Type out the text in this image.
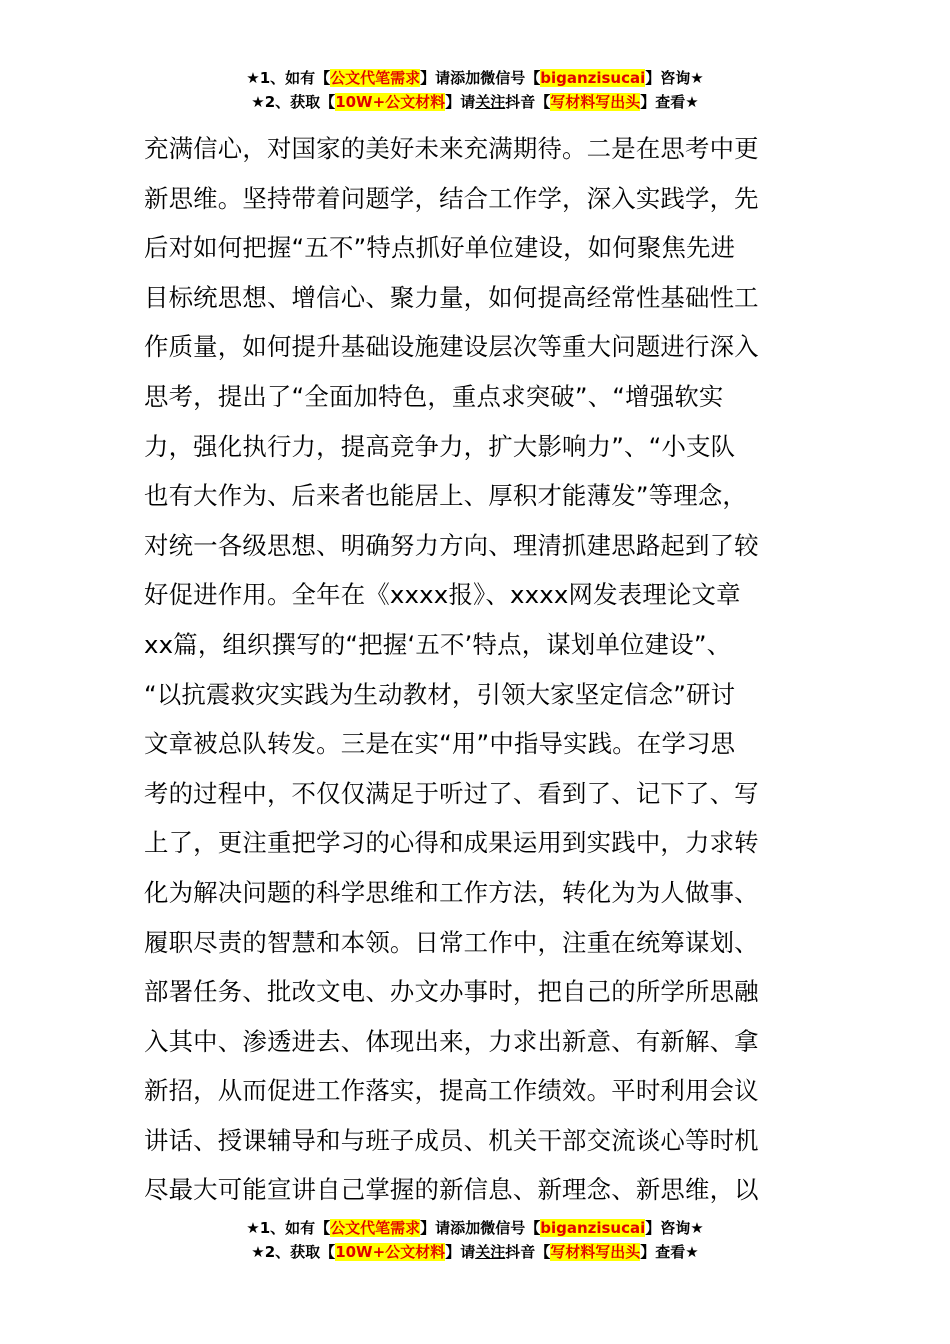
★1、如有【公文代笔需求】请添加微信号【biganzisucai】咨询★
★2、获取【10W+公文材料】请关注抖音【写材料写出头】查看★
充满信心，对国家的美好未来充满期待。二是在思考中更
新思维。坚持带着问题学，结合工作学，深入实践学，先
后对如何把握“五不”特点抓好单位建设，如何聚焦先进
目标统思想、增信心、聚力量，如何提高经常性基础性工
作质量，如何提升基础设施建设层次等重大问题进行深入
思考，提出了“全面加特色，重点求突破”、“增强软实
力，强化执行力，提高竞争力，扩大影响力”、“小支队
也有大作为、后来者也能居上、厚积才能薄发”等理念，
对统一各级思想、明确努力方向、理清抓建思路起到了较
好促进作用。全年在《xxxx报》、xxxx网发表理论文章
xx篇，组织撰写的“把握‘五不’特点，谋划单位建设”、
“以抗震救灾实践为生动教材，引领大家坚定信念”研讨
文章被总队转发。三是在实“用”中指导实践。在学习思
考的过程中，不仅仅满足于听过了、看到了、记下了、写
上了，更注重把学习的心得和成果运用到实践中，力求转
化为解决问题的科学思维和工作方法，转化为为人做事、
履职尽责的智慧和本领。日常工作中，注重在统筹谋划、
部署任务、批改文电、办文办事时，把自己的所学所思融
入其中、渗透进去、体现出来，力求出新意、有新解、拿
新招，从而促进工作落实，提高工作绩效。平时利用会议
讲话、授课辅导和与班子成员、机关干部交流谈心等时机
尽最大可能宣讲自己掌握的新信息、新理念、新思维，以
★1、如有【公文代笔需求】请添加微信号【biganzisucai】咨询★
★2、获取【10W+公文材料】请关注抖音【写材料写出头】查看★
